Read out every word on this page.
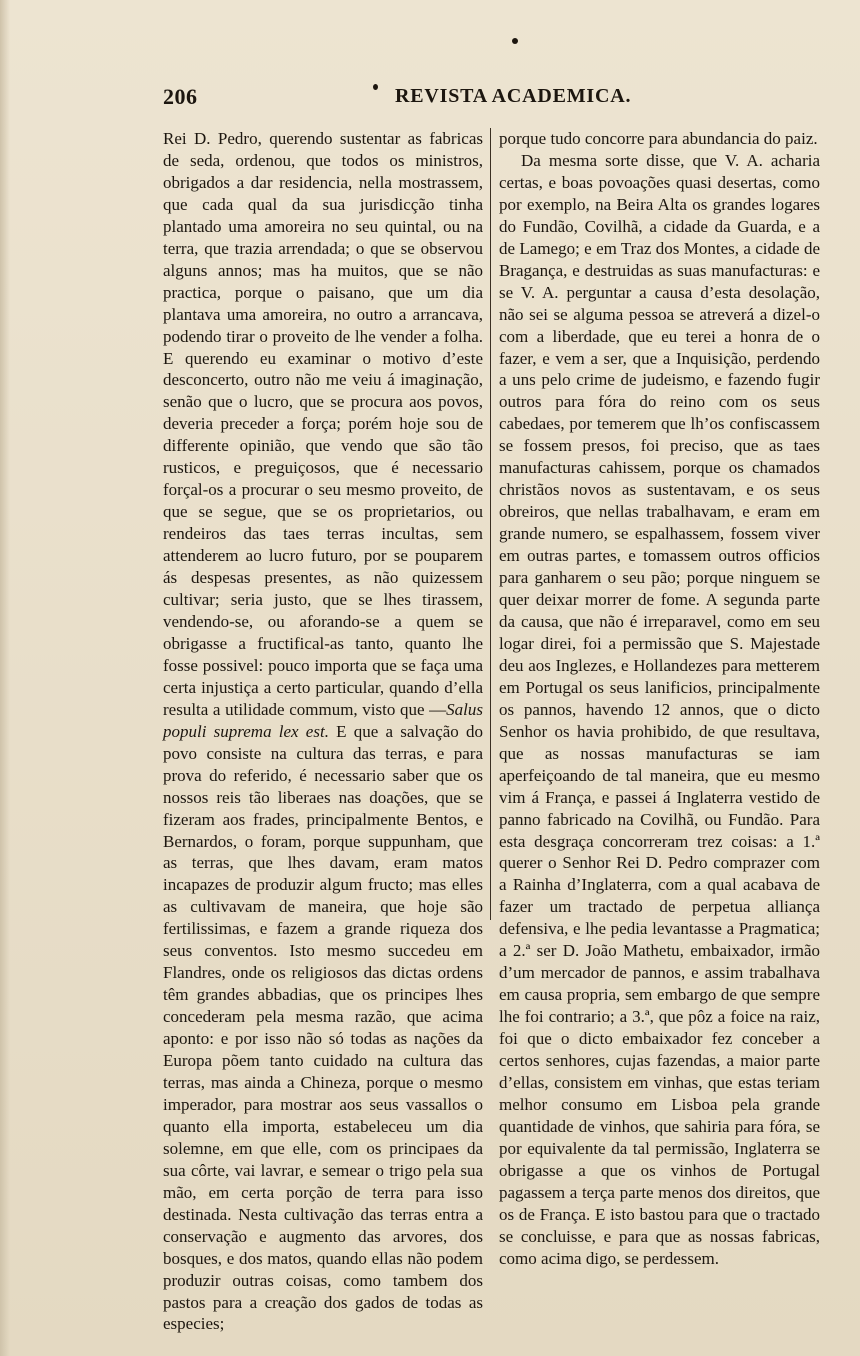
206	REVISTA ACADEMICA.

Rei D. Pedro, querendo sustentar as fabricas de seda, ordenou, que todos os ministros, obrigados a dar residencia, nella mostrassem, que cada qual da sua jurisdicção tinha plantado uma amoreira no seu quintal, ou na terra, que trazia arrendada; o que se observou alguns annos; mas ha muitos, que se não practica, porque o paisano, que um dia plantava uma amoreira, no outro a arrancava, podendo tirar o proveito de lhe vender a folha. E querendo eu examinar o motivo d’este desconcerto, outro não me veiu á imaginação, senão que o lucro, que se procura aos povos, deveria preceder a força; porém hoje sou de differente opinião, que vendo que são tão rusticos, e preguiçosos, que é necessario forçal-os a procurar o seu mesmo proveito, de que se segue, que se os proprietarios, ou rendeiros das taes terras incultas, sem attenderem ao lucro futuro, por se pouparem ás despesas presentes, as não quizessem cultivar; seria justo, que se lhes tirassem, vendendo-se, ou aforando-se a quem se obrigasse a fructifical-as tanto, quanto lhe fosse possivel: pouco importa que se faça uma certa injustiça a certo particular, quando d’ella resulta a utilidade commum, visto que —Salus populi suprema lex est. E que a salvação do povo consiste na cultura das terras, e para prova do referido, é necessario saber que os nossos reis tão liberaes nas doações, que se fizeram aos frades, principalmente Bentos, e Bernardos, o foram, porque suppunham, que as terras, que lhes davam, eram matos incapazes de produzir algum fructo; mas elles as cultivavam de maneira, que hoje são fertilissimas, e fazem a grande riqueza dos seus conventos. Isto mesmo succedeu em Flandres, onde os religiosos das dictas ordens têm grandes abbadias, que os principes lhes concederam pela mesma razão, que acima aponto: e por isso não só todas as nações da Europa põem tanto cuidado na cultura das terras, mas ainda a Chineza, porque o mesmo imperador, para mostrar aos seus vassallos o quanto ella importa, estabeleceu um dia solemne, em que elle, com os principaes da sua côrte, vai lavrar, e semear o trigo pela sua mão, em certa porção de terra para isso destinada. Nesta cultivação das terras entra a conservação e augmento das arvores, dos bosques, e dos matos, quando ellas não podem produzir outras coisas, como tambem dos pastos para a creação dos gados de todas as especies;

porque tudo concorre para abundancia do paiz.

Da mesma sorte disse, que V. A. acharia certas, e boas povoações quasi desertas, como por exemplo, na Beira Alta os grandes logares do Fundão, Covilhã, a cidade da Guarda, e a de Lamego; e em Traz dos Montes, a cidade de Bragança, e destruidas as suas manufacturas: e se V. A. perguntar a causa d’esta desolação, não sei se alguma pessoa se atreverá a dizel-o com a liberdade, que eu terei a honra de o fazer, e vem a ser, que a Inquisição, perdendo a uns pelo crime de judeismo, e fazendo fugir outros para fóra do reino com os seus cabedaes, por temerem que lh’os confiscassem se fossem presos, foi preciso, que as taes manufacturas cahissem, porque os chamados christãos novos as sustentavam, e os seus obreiros, que nellas trabalhavam, e eram em grande numero, se espalhassem, fossem viver em outras partes, e tomassem outros officios para ganharem o seu pão; porque ninguem se quer deixar morrer de fome. A segunda parte da causa, que não é irreparavel, como em seu logar direi, foi a permissão que S. Majestade deu aos Inglezes, e Hollandezes para metterem em Portugal os seus lanificios, principalmente os pannos, havendo 12 annos, que o dicto Senhor os havia prohibido, de que resultava, que as nossas manufacturas se iam aperfeiçoando de tal maneira, que eu mesmo vim á França, e passei á Inglaterra vestido de panno fabricado na Covilhã, ou Fundão. Para esta desgraça concorreram trez coisas: a 1.ª querer o Senhor Rei D. Pedro comprazer com a Rainha d’Inglaterra, com a qual acabava de fazer um tractado de perpetua alliança defensiva, e lhe pedia levantasse a Pragmatica; a 2.ª ser D. João Mathetu, embaixador, irmão d’um mercador de pannos, e assim trabalhava em causa propria, sem embargo de que sempre lhe foi contrario; a 3.ª, que pôz a foice na raiz, foi que o dicto embaixador fez conceber a certos senhores, cujas fazendas, a maior parte d’ellas, consistem em vinhas, que estas teriam melhor consumo em Lisboa pela grande quantidade de vinhos, que sahiria para fóra, se por equivalente da tal permissão, Inglaterra se obrigasse a que os vinhos de Portugal pagassem a terça parte menos dos direitos, que os de França. E isto bastou para que o tractado se concluisse, e para que as nossas fabricas, como acima digo, se perdessem.
